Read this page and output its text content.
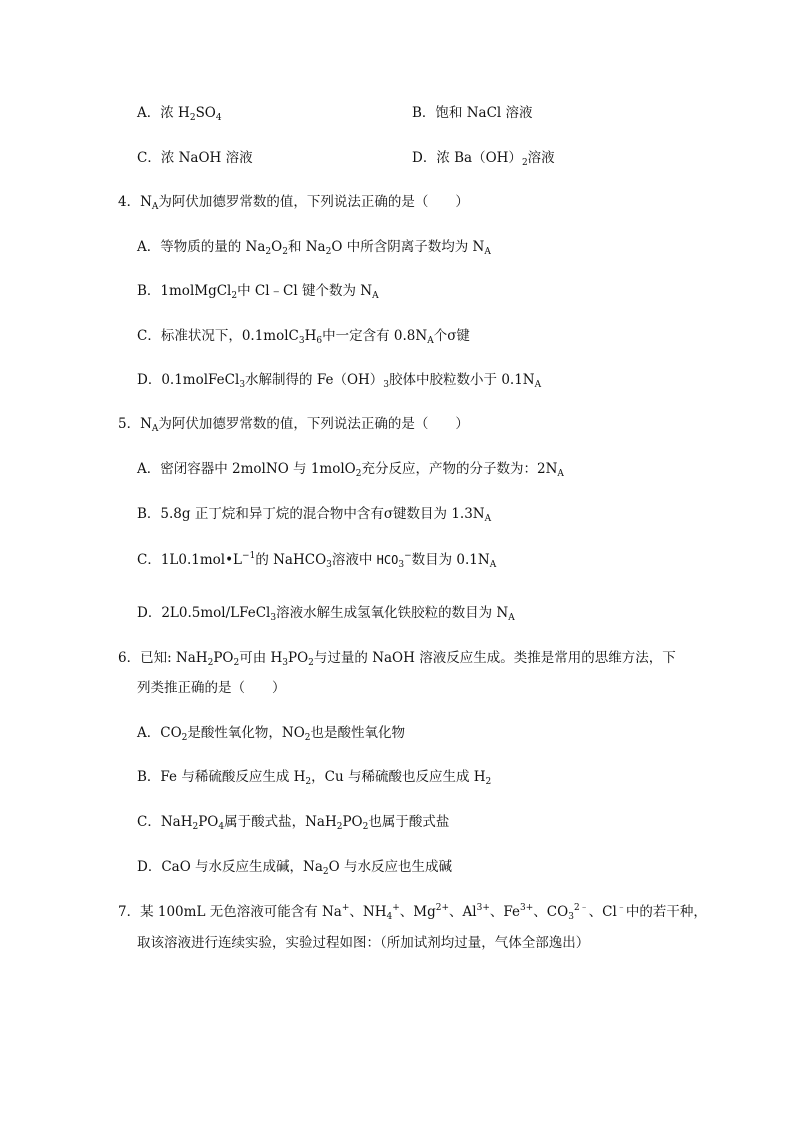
A．浓 $H_2SO_4$	B．饱和 NaCl 溶液
C．浓 NaOH 溶液	D．浓 $Ba(OH)_2$溶液
4．$N_A$为阿伏加德罗常数的值，下列说法正确的是（　　）
A．等物质的量的 $Na_2O_2$和 $Na_2O$ 中所含阴离子数均为 $N_A$
B．1molMgCl$_2$中 Cl﹣Cl 键个数为 $N_A$
C．标准状况下，$0.1molC_3H_6$中一定含有 $0.8N_A$个σ键
D．0.1molFeCl$_3$水解制得的 $Fe(OH)_3$胶体中胶粒数小于 $0.1N_A$
5．$N_A$为阿伏加德罗常数的值，下列说法正确的是（　　）
A．密闭容器中 2molNO 与 1molO$_2$充分反应，产物的分子数为：$2N_A$
B．5.8g 正丁烷和异丁烷的混合物中含有σ键数目为 $1.3N_A$
C．$1L0.1mol•L^{-1}$的 NaHCO$_3$溶液中 $HCO_3^-$数目为 $0.1N_A$
D．2L0.5mol/LFeCl$_3$溶液水解生成氢氧化铁胶粒的数目为 $N_A$
6．已知: $NaH_2PO_2$可由 $H_3PO_2$与过量的 NaOH 溶液反应生成。类推是常用的思维方法，下
列类推正确的是（　　）
A．$CO_2$是酸性氧化物，$NO_2$也是酸性氧化物
B．Fe 与稀硫酸反应生成 $H_2$，Cu 与稀硫酸也反应生成 $H_2$
C．$NaH_2PO_4$属于酸式盐，$NaH_2PO_2$也属于酸式盐
D．CaO 与水反应生成碱，$Na_2O$ 与水反应也生成碱
7．某 100mL 无色溶液可能含有 Na+、$NH_4^+$、$Mg^{2+}$、$Al^{3+}$、$Fe^{3+}$、$CO_3^{2﹣}$、Cl﹣中的若干种，
取该溶液进行连续实验，实验过程如图：（所加试剂均过量，气体全部逸出）
